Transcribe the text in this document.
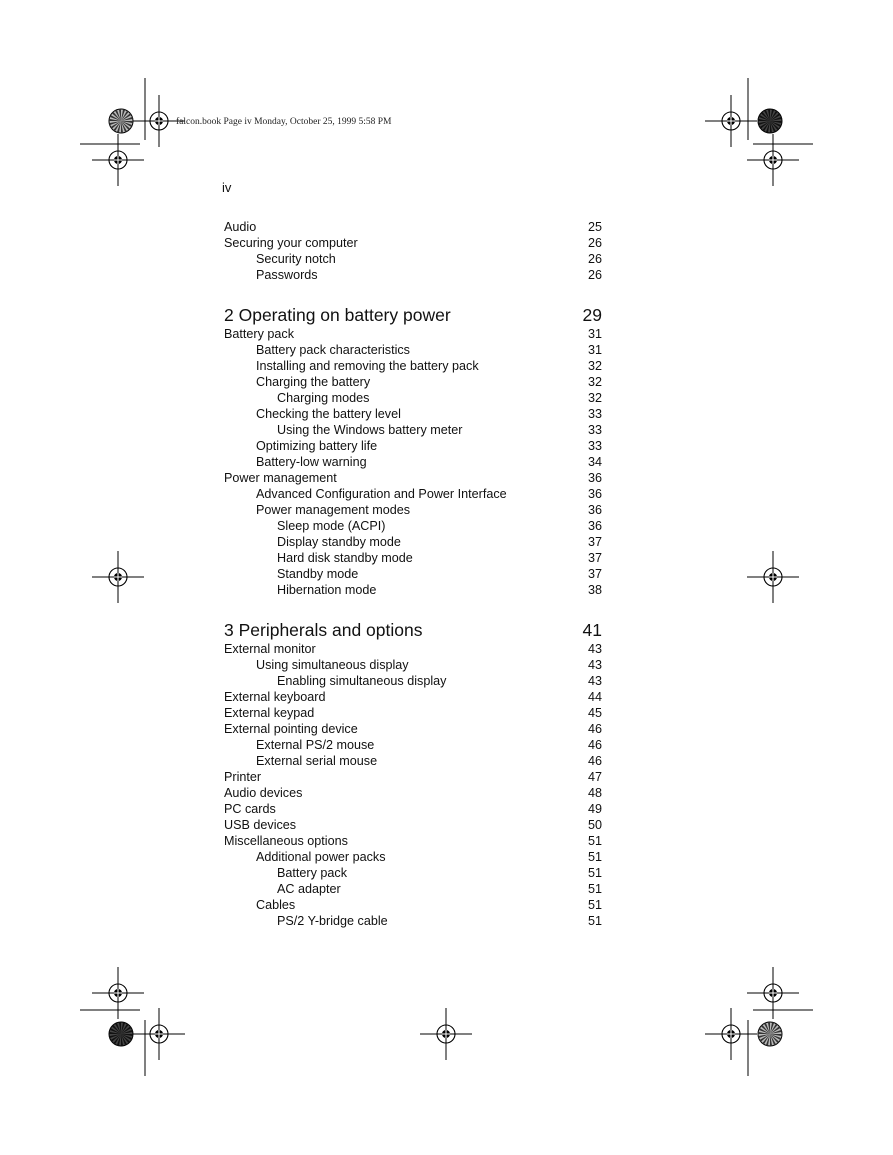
falcon.book Page iv Monday, October 25, 1999 5:58 PM
iv
Audio	25
Securing your computer	26
Security notch	26
Passwords	26
2 Operating on battery power	29
Battery pack	31
Battery pack characteristics	31
Installing and removing the battery pack	32
Charging the battery	32
Charging modes	32
Checking the battery level	33
Using the Windows battery meter	33
Optimizing battery life	33
Battery-low warning	34
Power management	36
Advanced Configuration and Power Interface	36
Power management modes	36
Sleep mode (ACPI)	36
Display standby mode	37
Hard disk standby mode	37
Standby mode	37
Hibernation mode	38
3 Peripherals and options	41
External monitor	43
Using simultaneous display	43
Enabling simultaneous display	43
External keyboard	44
External keypad	45
External pointing device	46
External PS/2 mouse	46
External serial mouse	46
Printer	47
Audio devices	48
PC cards	49
USB devices	50
Miscellaneous options	51
Additional power packs	51
Battery pack	51
AC adapter	51
Cables	51
PS/2 Y-bridge cable	51
